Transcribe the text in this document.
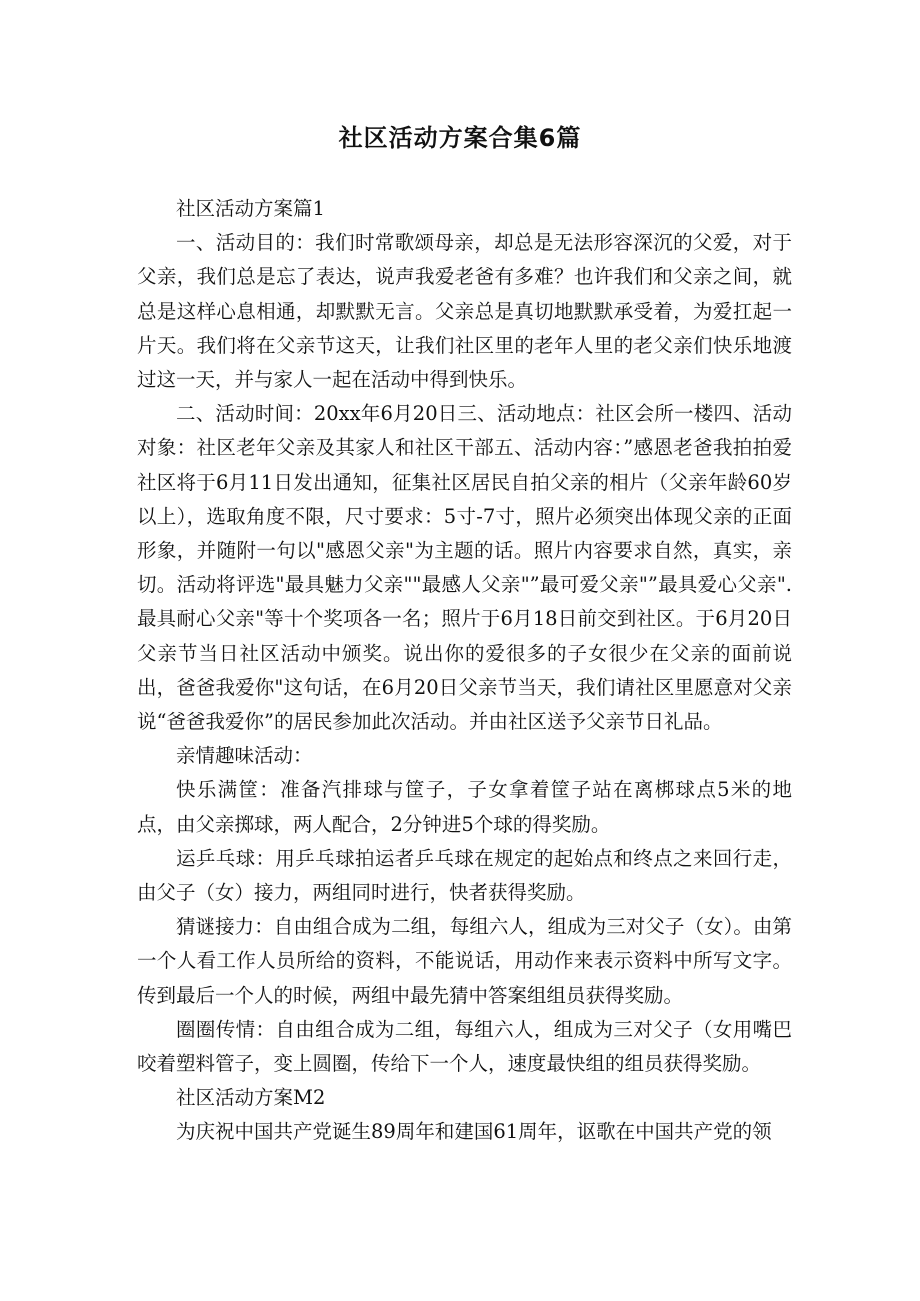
社区活动方案合集6篇

社区活动方案篇1

一、活动目的：我们时常歌颂母亲，却总是无法形容深沉的父爱，对于父亲，我们总是忘了表达，说声我爱老爸有多难？也许我们和父亲之间，就总是这样心息相通，却默默无言。父亲总是真切地默默承受着，为爱扛起一片天。我们将在父亲节这天，让我们社区里的老年人里的老父亲们快乐地渡过这一天，并与家人一起在活动中得到快乐。

二、活动时间：20xx年6月20日三、活动地点：社区会所一楼四、活动对象：社区老年父亲及其家人和社区干部五、活动内容：”感恩老爸我拍拍爱社区将于6月11日发出通知，征集社区居民自拍父亲的相片（父亲年龄60岁以上），选取角度不限，尺寸要求：5寸-7寸，照片必须突出体现父亲的正面形象，并随附一句以"感恩父亲"为主题的话。照片内容要求自然，真实，亲切。活动将评选"最具魅力父亲""最感人父亲"”最可爱父亲"”最具爱心父亲".最具耐心父亲"等十个奖项各一名；照片于6月18日前交到社区。于6月20日父亲节当日社区活动中颁奖。说出你的爱很多的子女很少在父亲的面前说出，爸爸我爱你"这句话，在6月20日父亲节当天，我们请社区里愿意对父亲说“爸爸我爱你”的居民参加此次活动。并由社区送予父亲节日礼品。

亲情趣味活动：

快乐满筐：准备汽排球与筐子，子女拿着筐子站在离梆球点5米的地点，由父亲掷球，两人配合，2分钟进5个球的得奖励。

运乒乓球：用乒乓球拍运者乒乓球在规定的起始点和终点之来回行走，由父子（女）接力，两组同时进行，快者获得奖励。

猜谜接力：自由组合成为二组，每组六人，组成为三对父子（女）。由第一个人看工作人员所给的资料，不能说话，用动作来表示资料中所写文字。传到最后一个人的时候，两组中最先猜中答案组组员获得奖励。

圈圈传情：自由组合成为二组，每组六人，组成为三对父子（女用嘴巴咬着塑料管子，变上圆圈，传给下一个人，速度最快组的组员获得奖励。

社区活动方案M2

为庆祝中国共产党诞生89周年和建国61周年，讴歌在中国共产党的领
